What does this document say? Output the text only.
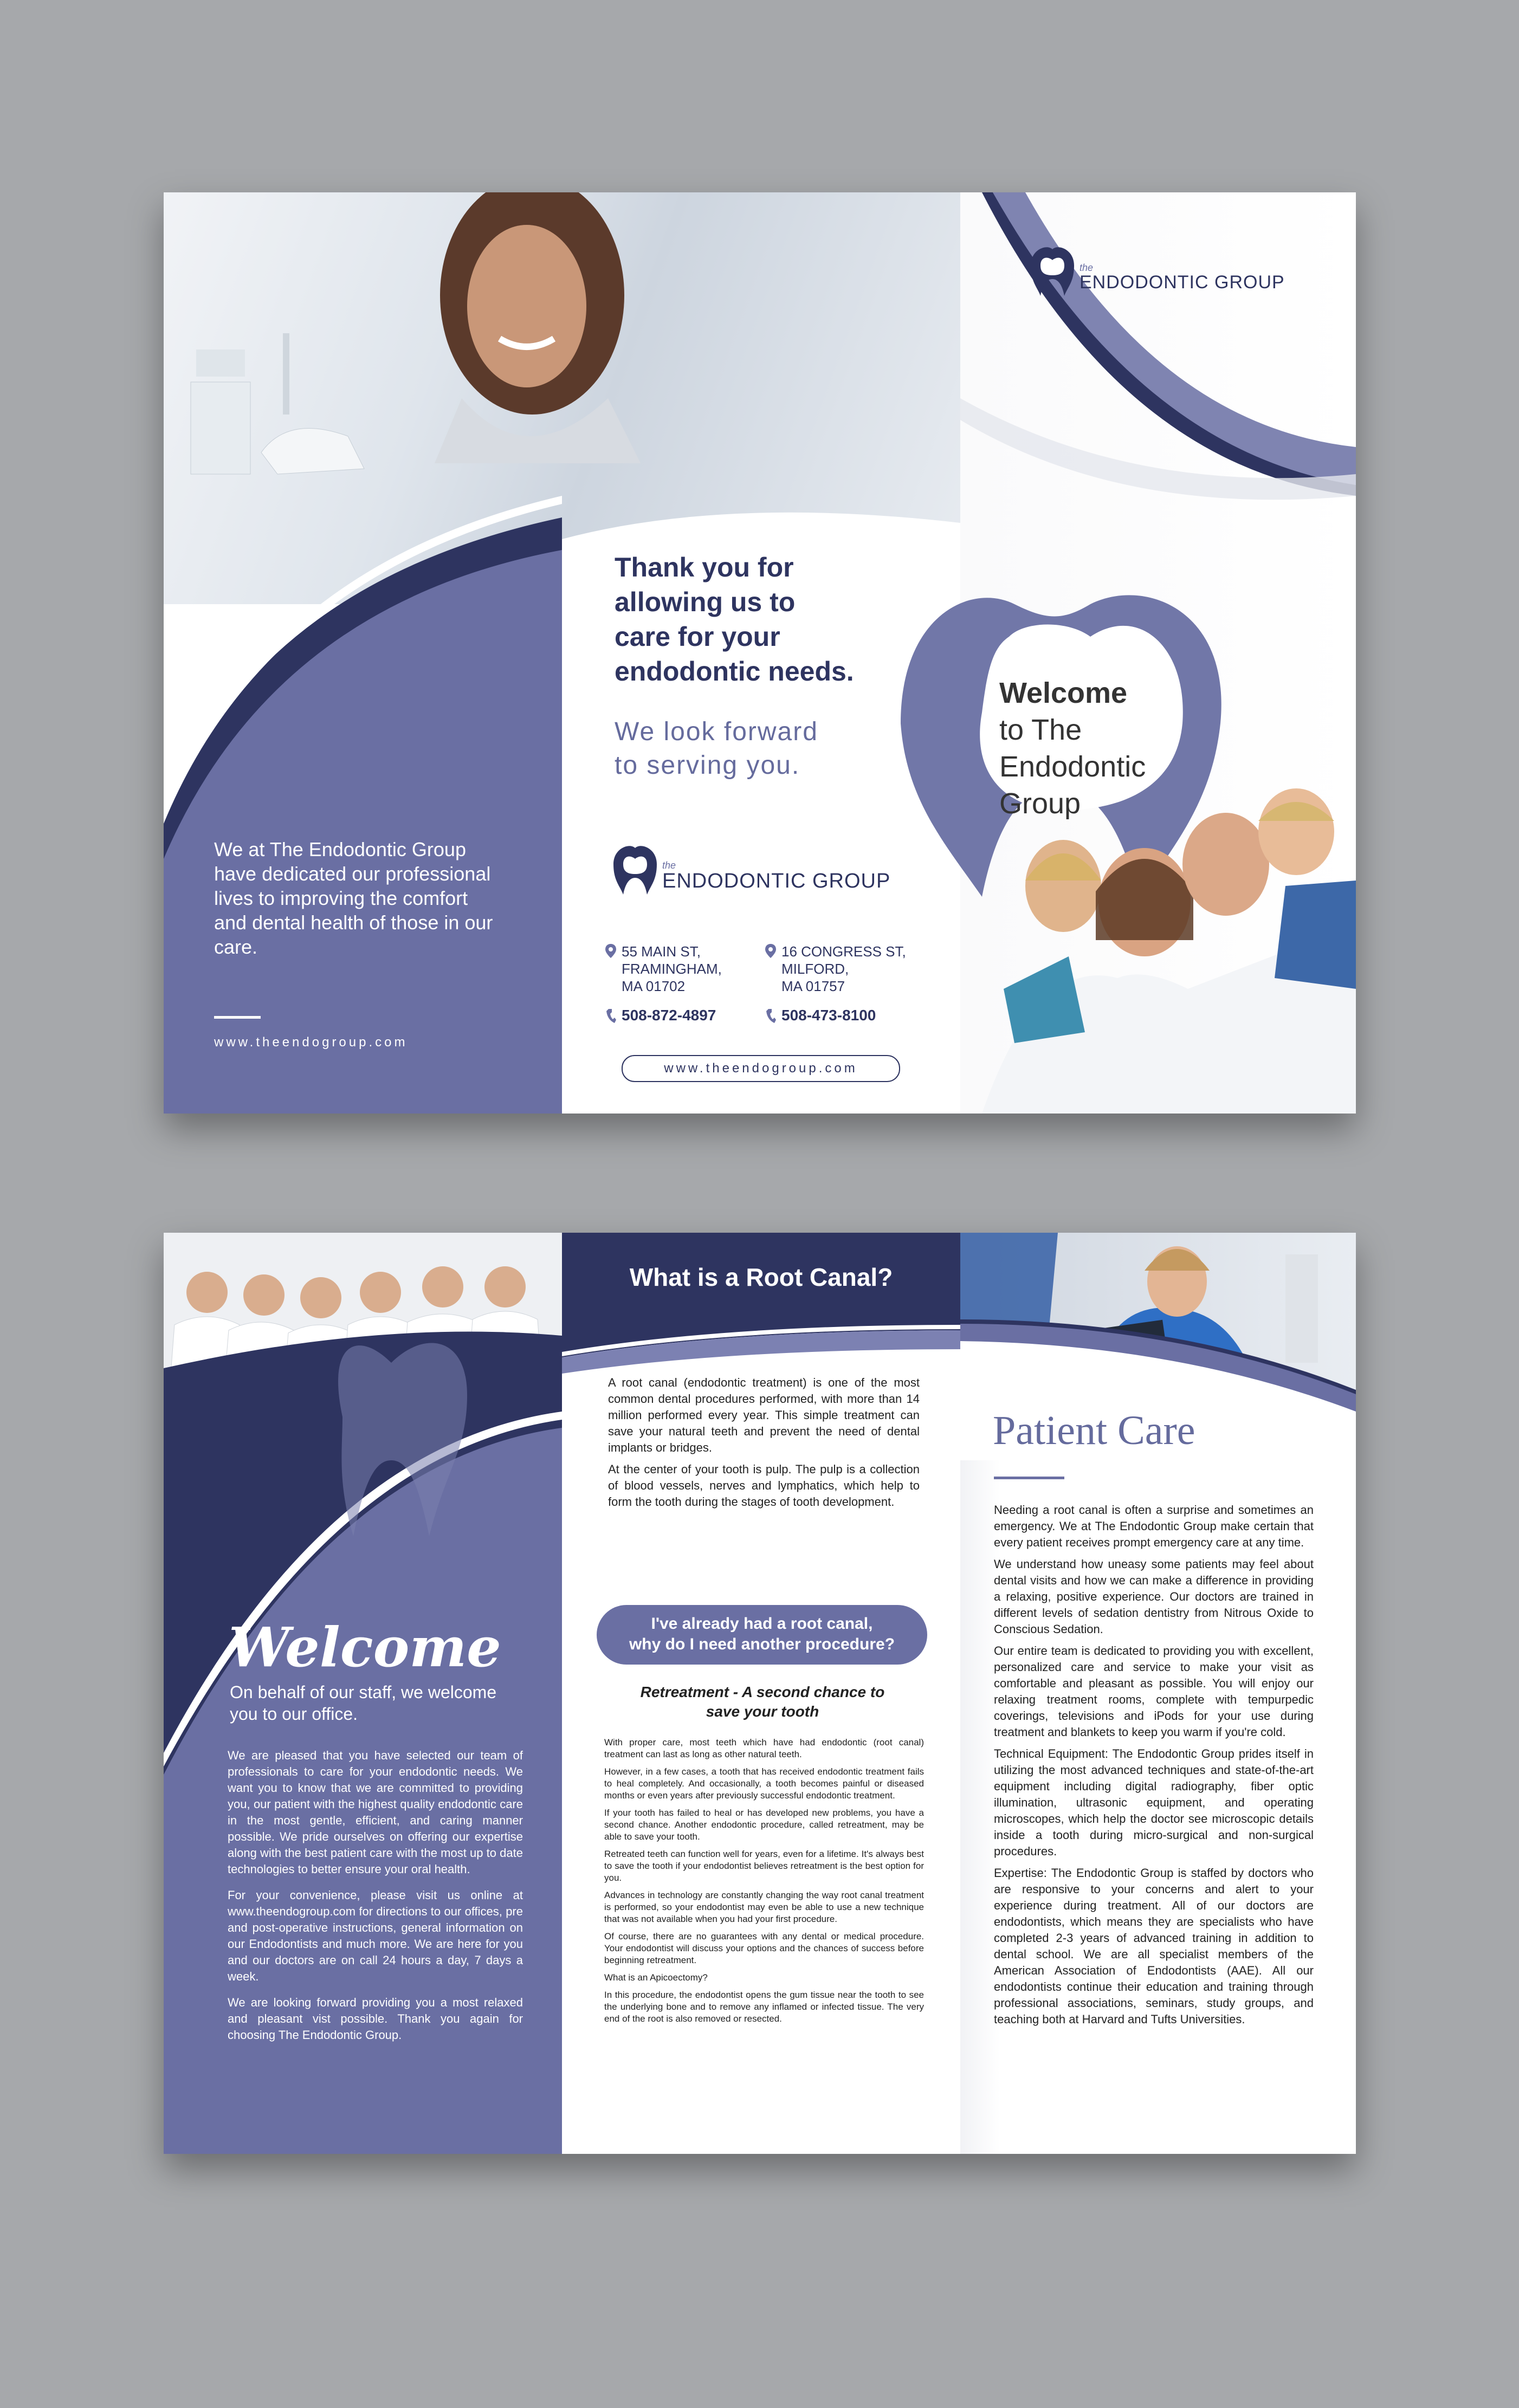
We at The Endodontic Group have dedicated our professional lives to improving the comfort and dental health of those in our care.
www.theendogroup.com
Thank you for
allowing us to
care for your
endodontic needs.
We look forward
to serving you.
the
ENDODONTIC GROUP
55 MAIN ST,
FRAMINGHAM,
MA 01702
508-872-4897
16 CONGRESS ST,
MILFORD,
MA 01757
508-473-8100
www.theendogroup.com
the
ENDODONTIC GROUP
Welcome
to The
Endodontic
Group
Welcome
On behalf of our staff, we welcome you to our office.

We are pleased that you have selected our team of professionals to care for your endodontic needs. We want you to know that we are committed to providing you, our patient with the highest quality endodontic care in the most gentle, efficient, and caring manner possible. We pride ourselves on offering our expertise along with the best patient care with the most up to date technologies to better ensure your oral health.

For your convenience, please visit us online at www.theendogroup.com for directions to our offices, pre and post-operative instructions, general information on our Endodontists and much more. We are here for you and our doctors are on call 24 hours a day, 7 days a week.

We are looking forward providing you a most relaxed and pleasant vist possible. Thank you again for choosing The Endodontic Group.

What is a Root Canal?

A root canal (endodontic treatment) is one of the most common dental procedures performed, with more than 14 million performed every year. This simple treatment can save your natural teeth and prevent the need of dental implants or bridges.

At the center of your tooth is pulp. The pulp is a collection of blood vessels, nerves and lymphatics, which help to form the tooth during the stages of tooth development.

I've already had a root canal,
why do I need another procedure?
Retreatment - A second chance to
save your tooth

With proper care, most teeth which have had endodontic (root canal) treatment can last as long as other natural teeth.

However, in a few cases, a tooth that has received endodontic treatment fails to heal completely. And occasionally, a tooth becomes painful or diseased months or even years after previously successful endodontic treatment.

If your tooth has failed to heal or has developed new problems, you have a second chance. Another endodontic procedure, called retreatment, may be able to save your tooth.

Retreated teeth can function well for years, even for a lifetime. It's always best to save the tooth if your endodontist believes retreatment is the best option for you.

Advances in technology are constantly changing the way root canal treatment is performed, so your endodontist may even be able to use a new technique that was not available when you had your first procedure.

Of course, there are no guarantees with any dental or medical procedure. Your endodontist will discuss your options and the chances of success before beginning retreatment.

What is an Apicoectomy?

In this procedure, the endodontist opens the gum tissue near the tooth to see the underlying bone and to remove any inflamed or infected tissue. The very end of the root is also removed or resected.

Patient Care

Needing a root canal is often a surprise and sometimes an emergency. We at The Endodontic Group make certain that every patient receives prompt emergency care at any time.

We understand how uneasy some patients may feel about dental visits and how we can make a difference in providing a relaxing, positive experience. Our doctors are trained in different levels of sedation dentistry from Nitrous Oxide to Conscious Sedation.

Our entire team is dedicated to providing you with excellent, personalized care and service to make your visit as comfortable and pleasant as possible. You will enjoy our relaxing treatment rooms, complete with tempurpedic coverings, televisions and iPods for your use during treatment and blankets to keep you warm if you're cold.

Technical Equipment: The Endodontic Group prides itself in utilizing the most advanced techniques and state-of-the-art equipment including digital radiography, fiber optic illumination, ultrasonic equipment, and operating microscopes, which help the doctor see microscopic details inside a tooth during micro-surgical and non-surgical procedures.

Expertise: The Endodontic Group is staffed by doctors who are responsive to your concerns and alert to your experience during treatment. All of our doctors are endodontists, which means they are specialists who have completed 2-3 years of advanced training in addition to dental school. We are all specialist members of the American Association of Endodontists (AAE). All our endodontists continue their education and training through professional associations, seminars, study groups, and teaching both at Harvard and Tufts Universities.
